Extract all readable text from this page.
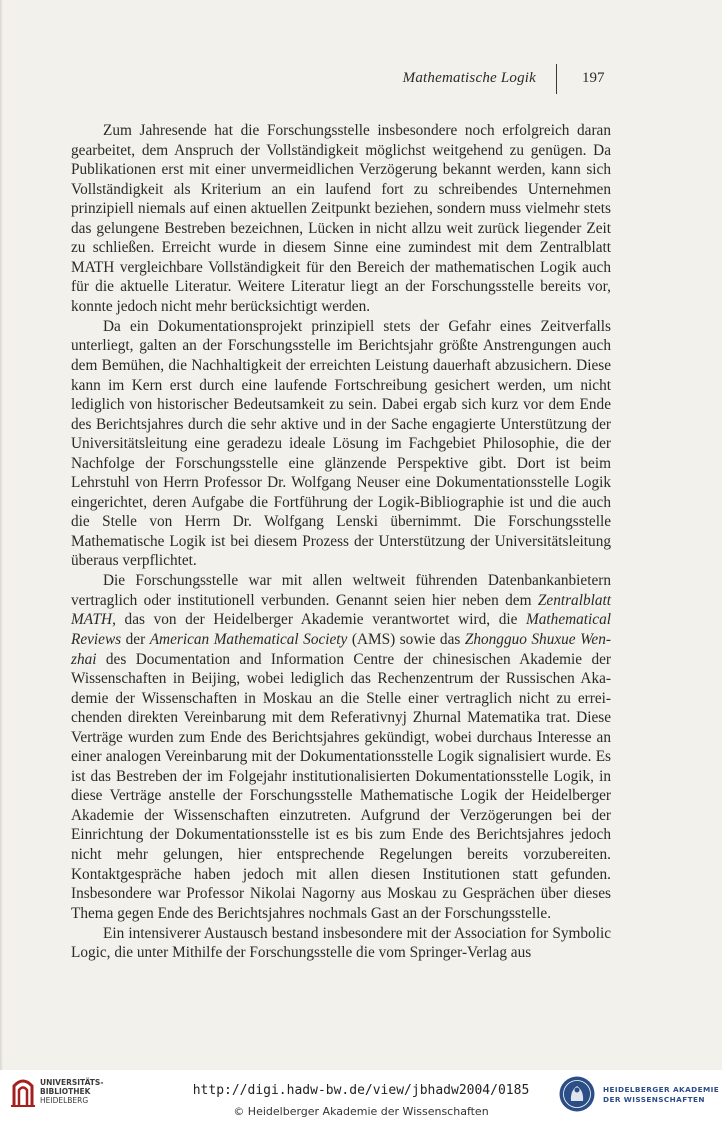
Mathematische Logik	197

Zum Jahresende hat die Forschungsstelle insbesondere noch erfolgreich daran gearbeitet, dem Anspruch der Vollständigkeit möglichst weitgehend zu genügen. Da Publikationen erst mit einer unvermeidlichen Verzögerung bekannt werden, kann sich Vollständigkeit als Kriterium an ein laufend fort zu schreibendes Unternehmen prinzipiell niemals auf einen aktuellen Zeitpunkt beziehen, sondern muss vielmehr stets das gelungene Bestreben bezeichnen, Lücken in nicht allzu weit zurück liegender Zeit zu schließen. Erreicht wurde in diesem Sinne eine zumindest mit dem Zentralblatt MATH vergleichbare Vollständigkeit für den Bereich der mathematischen Logik auch für die aktuelle Literatur. Weitere Literatur liegt an der Forschungsstelle bereits vor, konnte jedoch nicht mehr berücksichtigt werden.

Da ein Dokumentationsprojekt prinzipiell stets der Gefahr eines Zeitverfalls unterliegt, galten an der Forschungsstelle im Berichtsjahr größte Anstrengungen auch dem Bemühen, die Nachhaltigkeit der erreichten Leistung dauerhaft abzusichern. Diese kann im Kern erst durch eine laufende Fortschreibung gesichert werden, um nicht lediglich von historischer Bedeutsamkeit zu sein. Dabei ergab sich kurz vor dem Ende des Berichtsjahres durch die sehr aktive und in der Sache engagierte Unterstützung der Universitätsleitung eine geradezu ideale Lösung im Fachgebiet Philosophie, die der Nachfolge der Forschungsstelle eine glänzende Perspektive gibt. Dort ist beim Lehrstuhl von Herrn Professor Dr. Wolfgang Neuser eine Dokumentationsstelle Logik eingerichtet, deren Aufgabe die Fortführung der Logik-Bibliographie ist und die auch die Stelle von Herrn Dr. Wolfgang Lenski übernimmt. Die Forschungsstelle Mathematische Logik ist bei diesem Prozess der Unterstützung der Universitätsleitung überaus verpflichtet.

Die Forschungsstelle war mit allen weltweit führenden Datenbankanbietern vertraglich oder institutionell verbunden. Genannt seien hier neben dem Zentralblatt MATH, das von der Heidelberger Akademie verantwortet wird, die Mathematical Reviews der American Mathematical Society (AMS) sowie das Zhongguo Shuxue Wenzhai des Documentation and Information Centre der chinesischen Akademie der Wissenschaften in Beijing, wobei lediglich das Rechenzentrum der Russischen Akademie der Wissenschaften in Moskau an die Stelle einer vertraglich nicht zu erreichenden direkten Vereinbarung mit dem Referativnyj Zhurnal Matematika trat. Diese Verträge wurden zum Ende des Berichtsjahres gekündigt, wobei durchaus Interesse an einer analogen Vereinbarung mit der Dokumentationsstelle Logik signalisiert wurde. Es ist das Bestreben der im Folgejahr institutionalisierten Dokumentationsstelle Logik, in diese Verträge anstelle der Forschungsstelle Mathematische Logik der Heidelberger Akademie der Wissenschaften einzutreten. Aufgrund der Verzögerungen bei der Einrichtung der Dokumentationsstelle ist es bis zum Ende des Berichtsjahres jedoch nicht mehr gelungen, hier entsprechende Regelungen bereits vorzubereiten. Kontaktgespräche haben jedoch mit allen diesen Institutionen statt gefunden. Insbesondere war Professor Nikolai Nagorny aus Moskau zu Gesprächen über dieses Thema gegen Ende des Berichtsjahres nochmals Gast an der Forschungsstelle.

Ein intensiverer Austausch bestand insbesondere mit der Association for Symbolic Logic, die unter Mithilfe der Forschungsstelle die vom Springer-Verlag aus

UNIVERSITÄTS-
BIBLIOTHEK
HEIDELBERG
http://digi.hadw-bw.de/view/jbhadw2004/0185
© Heidelberger Akademie der Wissenschaften
HEIDELBERGER AKADEMIE
DER WISSENSCHAFTEN
